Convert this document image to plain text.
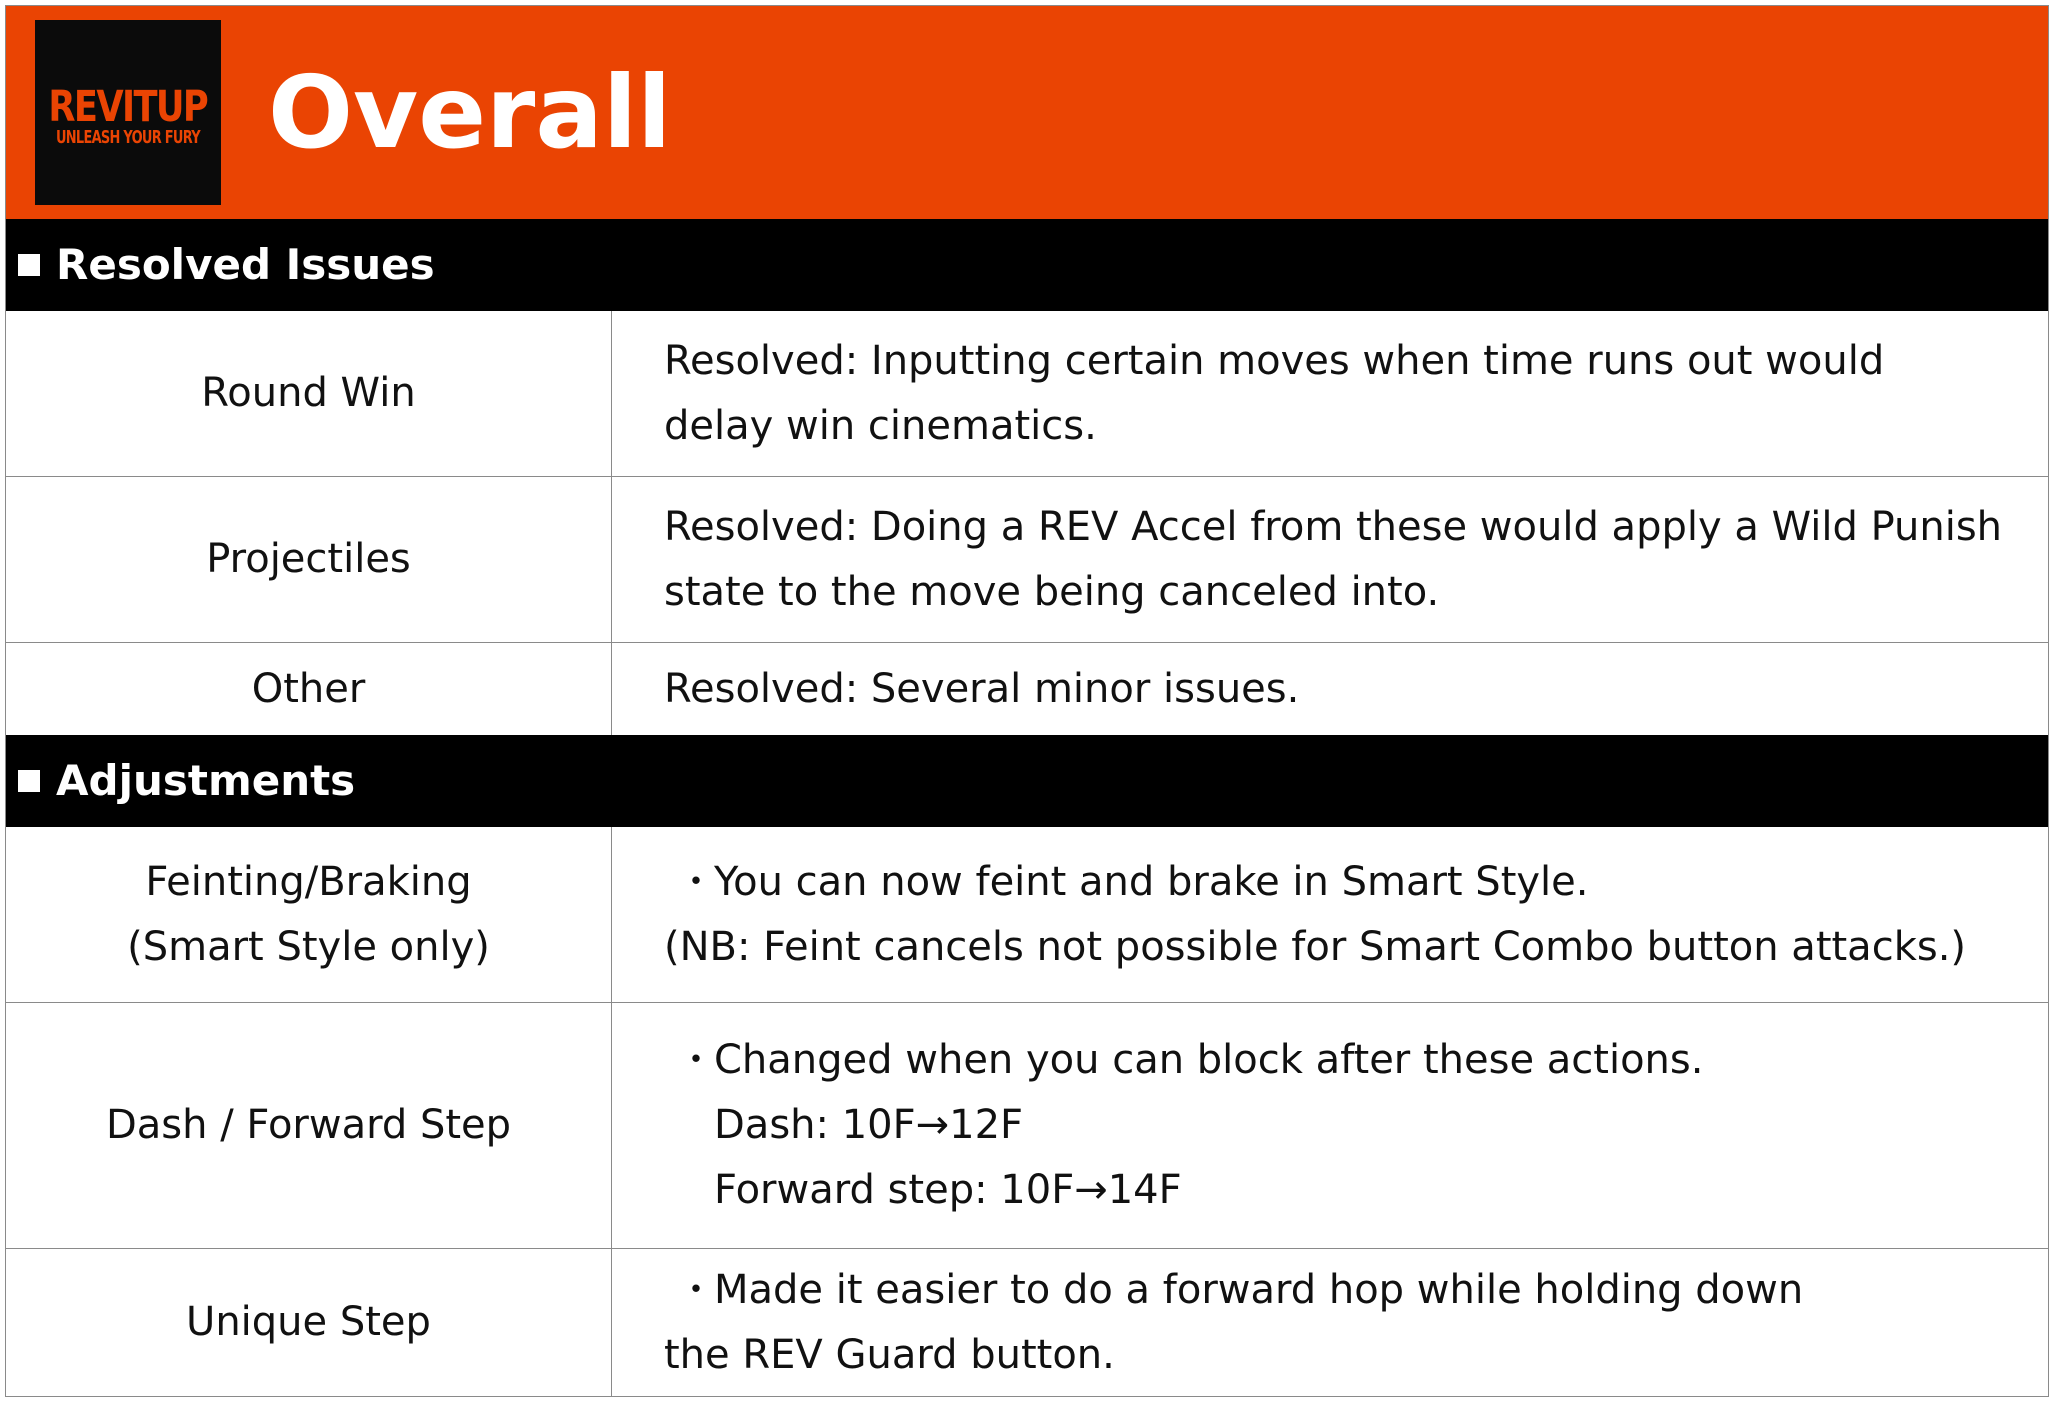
REVITUP
UNLEASH YOUR FURY Overall
Resolved Issues
Round Win
Resolved: Inputting certain moves when time runs out would
delay win cinematics.
Projectiles
Resolved: Doing a REV Accel from these would apply a Wild Punish
state to the move being canceled into.
Other	Resolved: Several minor issues.
Adjustments
Feinting/Braking
(Smart Style only)
・You can now feint and brake in Smart Style.
(NB: Feint cancels not possible for Smart Combo button attacks.)
Dash / Forward Step
・Changed when you can block after these actions.
Dash: 10F→12F
Forward step: 10F→14F
Unique Step
・Made it easier to do a forward hop while holding down
the REV Guard button.
